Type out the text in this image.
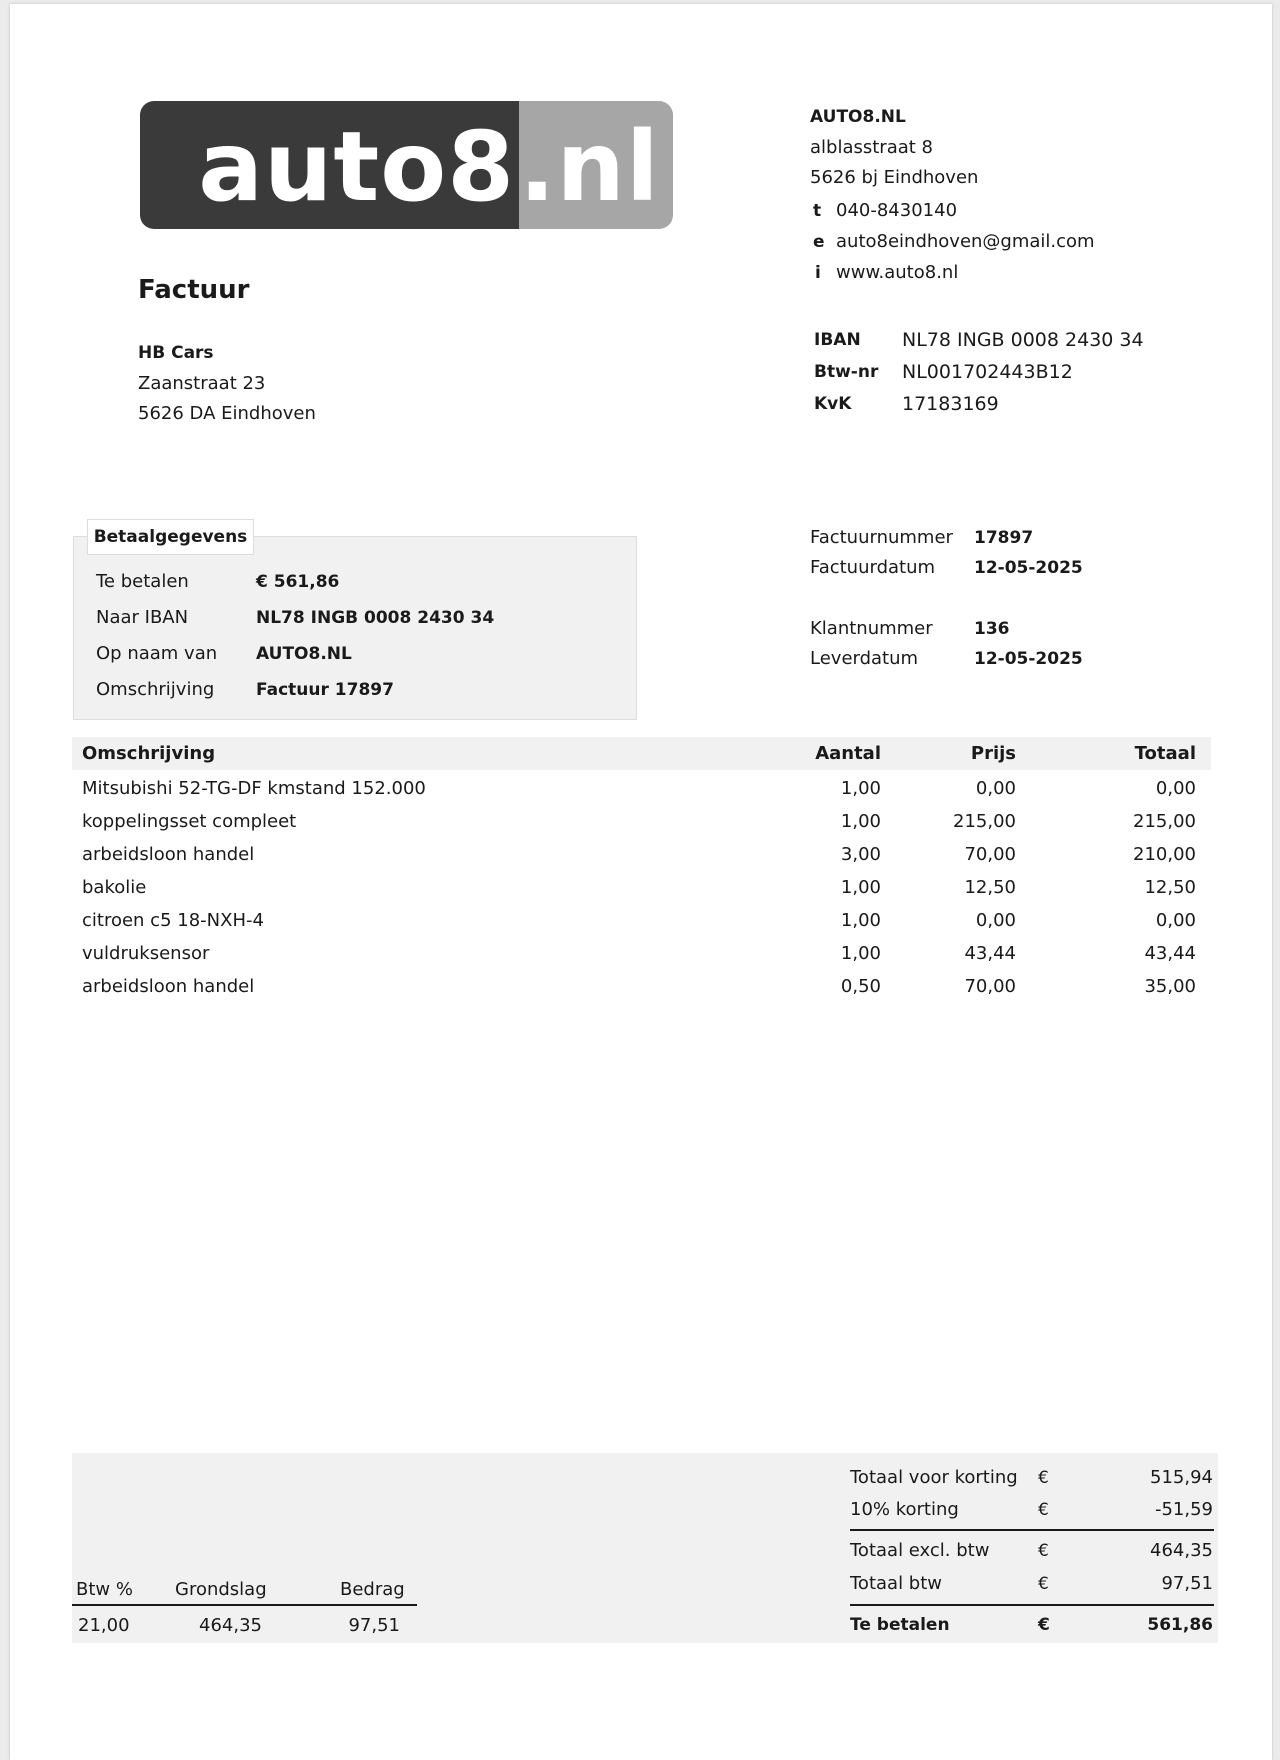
auto8 .nl
Factuur
HB Cars
Zaanstraat 23
5626 DA Eindhoven
AUTO8.NL
alblasstraat 8
5626 bj Eindhoven
t 040-8430140
e auto8eindhoven@gmail.com
i www.auto8.nl
IBAN NL78 INGB 0008 2430 34
Btw-nr NL001702443B12
KvK	17183169
Betaalgegevens
Te betalen	€ 561,86
Naar IBAN	NL78 INGB 0008 2430 34
Op naam van AUTO8.NL
Omschrijving Factuur 17897
Factuurnummer 17897
Factuurdatum 12-05-2025
Klantnummer 136
Leverdatum	12-05-2025
Omschrijving	Aantal	Prijs	Totaal
Mitsubishi 52-TG-DF kmstand 152.000	1,00	0,00	0,00
koppelingsset compleet	1,00	215,00	215,00
arbeidsloon handel	3,00	70,00	210,00
bakolie	1,00	12,50	12,50
citroen c5 18-NXH-4	1,00	0,00	0,00
vuldruksensor	1,00	43,44	43,44
arbeidsloon handel	0,50	70,00	35,00
Btw % Grondslag	Bedrag
21,00	464,35	97,51
Totaal voor korting €	515,94
10% korting	€	-51,59
Totaal excl. btw	€	464,35
Totaal btw	€	97,51
Te betalen	€	561,86
